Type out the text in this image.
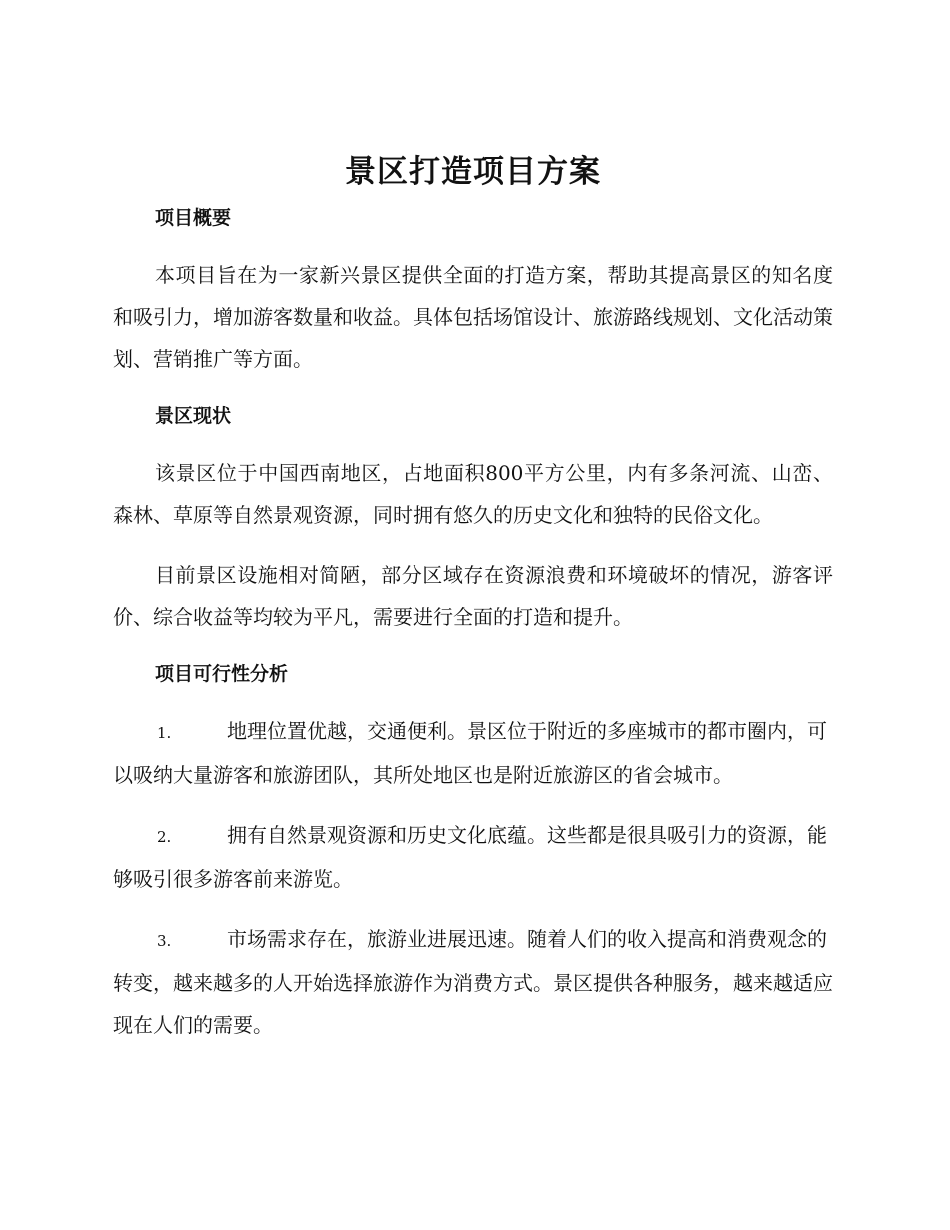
景区打造项目方案
项目概要

本项目旨在为一家新兴景区提供全面的打造方案，帮助其提高景区的知名度和吸引力，增加游客数量和收益。具体包括场馆设计、旅游路线规划、文化活动策划、营销推广等方面。

景区现状

该景区位于中国西南地区，占地面积800平方公里，内有多条河流、山峦、森林、草原等自然景观资源，同时拥有悠久的历史文化和独特的民俗文化。

目前景区设施相对简陋，部分区域存在资源浪费和环境破坏的情况，游客评价、综合收益等均较为平凡，需要进行全面的打造和提升。

项目可行性分析

1.	地理位置优越，交通便利。景区位于附近的多座城市的都市圈内，可以吸纳大量游客和旅游团队，其所处地区也是附近旅游区的省会城市。

2.	拥有自然景观资源和历史文化底蕴。这些都是很具吸引力的资源，能够吸引很多游客前来游览。

3.	市场需求存在，旅游业进展迅速。随着人们的收入提高和消费观念的转变，越来越多的人开始选择旅游作为消费方式。景区提供各种服务，越来越适应现在人们的需要。
